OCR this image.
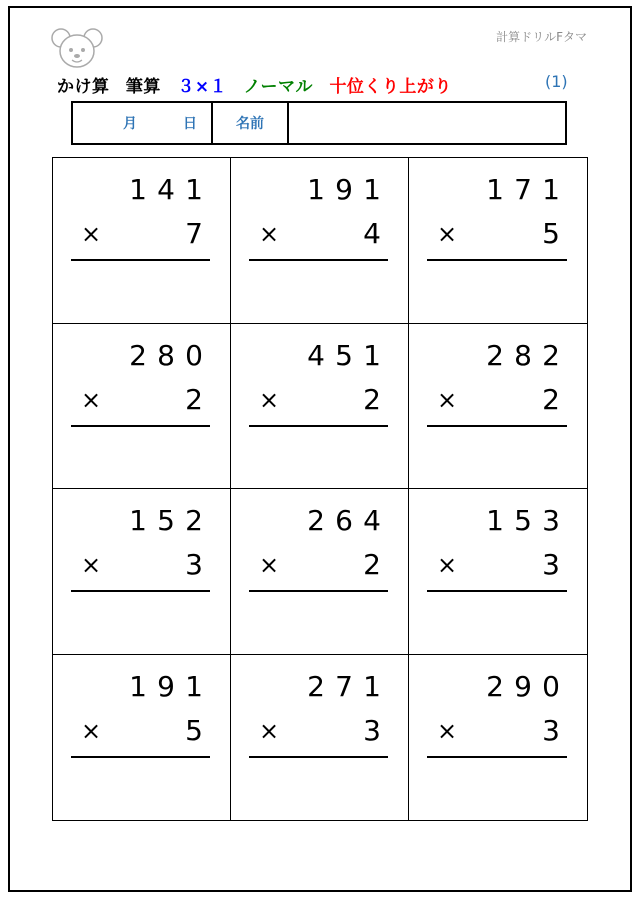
計算ドリルFタマ
かけ算 筆算 ３×１ ノーマル 十位くり上がり	(1)
月	日	名前
1 4 1
×	7
1 9 1
×	4
1 7 1
×	5
2 8 0
×	2
4 5 1
×	2
2 8 2
×	2
1 5 2
×	3
2 6 4
×	2
1 5 3
×	3
1 9 1
×	5
2 7 1
×	3
2 9 0
×	3
